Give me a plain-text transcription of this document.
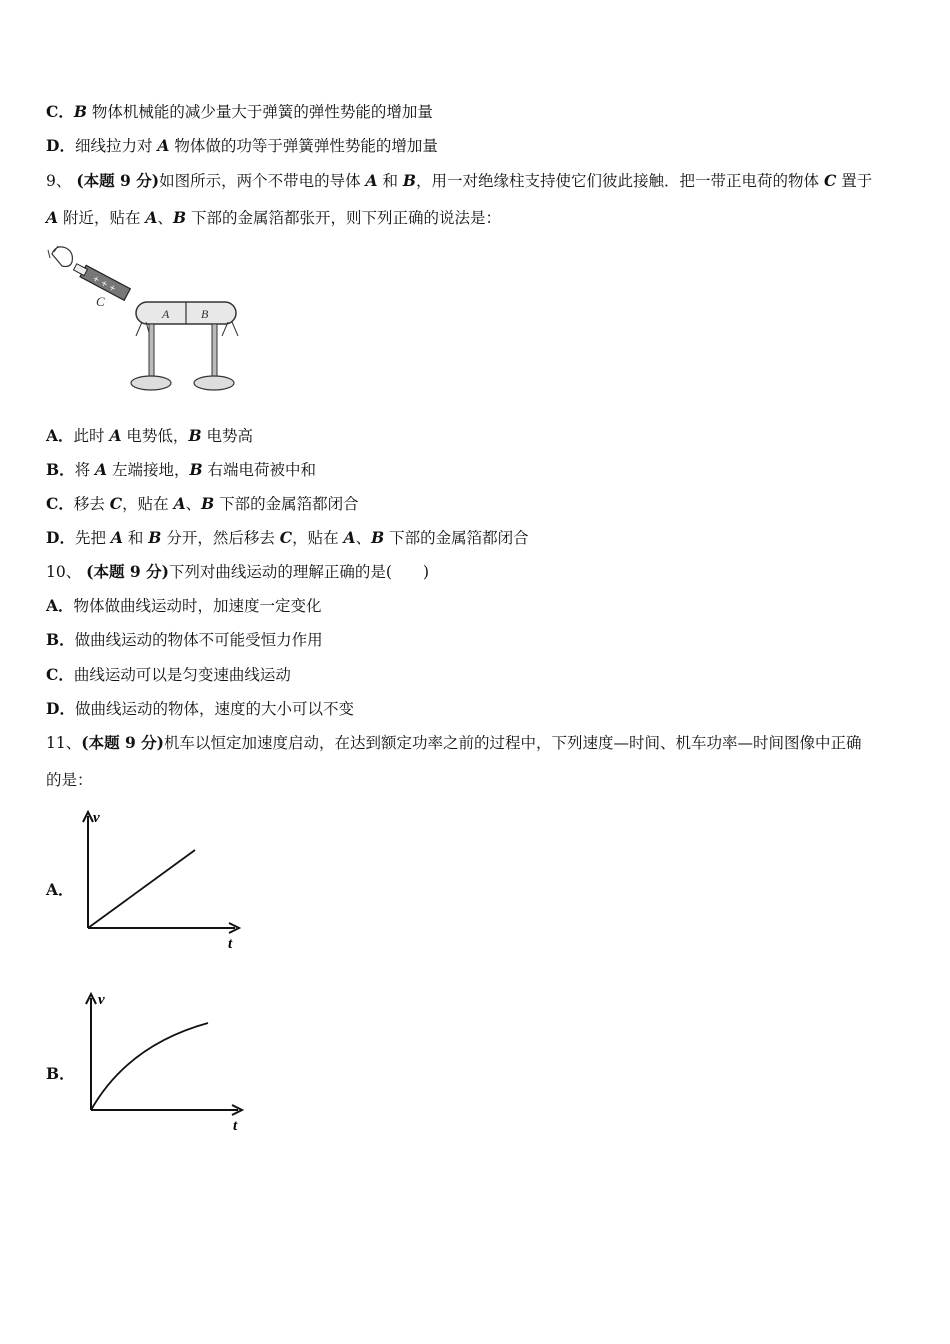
C．B 物体机械能的减少量大于弹簧的弹性势能的增加量
D．细线拉力对 A 物体做的功等于弹簧弹性势能的增加量
9、 (本题 9 分)如图所示，两个不带电的导体 A 和 B，用一对绝缘柱支持使它们彼此接触．把一带正电荷的物体 C 置于
A 附近，贴在 A、B 下部的金属箔都张开，则下列正确的说法是：
+ + +
C
A	B
A．此时 A 电势低，B 电势高
B．将 A 左端接地，B 右端电荷被中和
C．移去 C，贴在 A、B 下部的金属箔都闭合
D．先把 A 和 B 分开，然后移去 C，贴在 A、B 下部的金属箔都闭合
10、 (本题 9 分)下列对曲线运动的理解正确的是(　　)
A．物体做曲线运动时，加速度一定变化
B．做曲线运动的物体不可能受恒力作用
C．曲线运动可以是匀变速曲线运动
D．做曲线运动的物体，速度的大小可以不变
11、(本题 9 分)机车以恒定加速度启动，在达到额定功率之前的过程中，下列速度—时间、机车功率—时间图像中正确
的是：
A．
v
t
B．
v
t
